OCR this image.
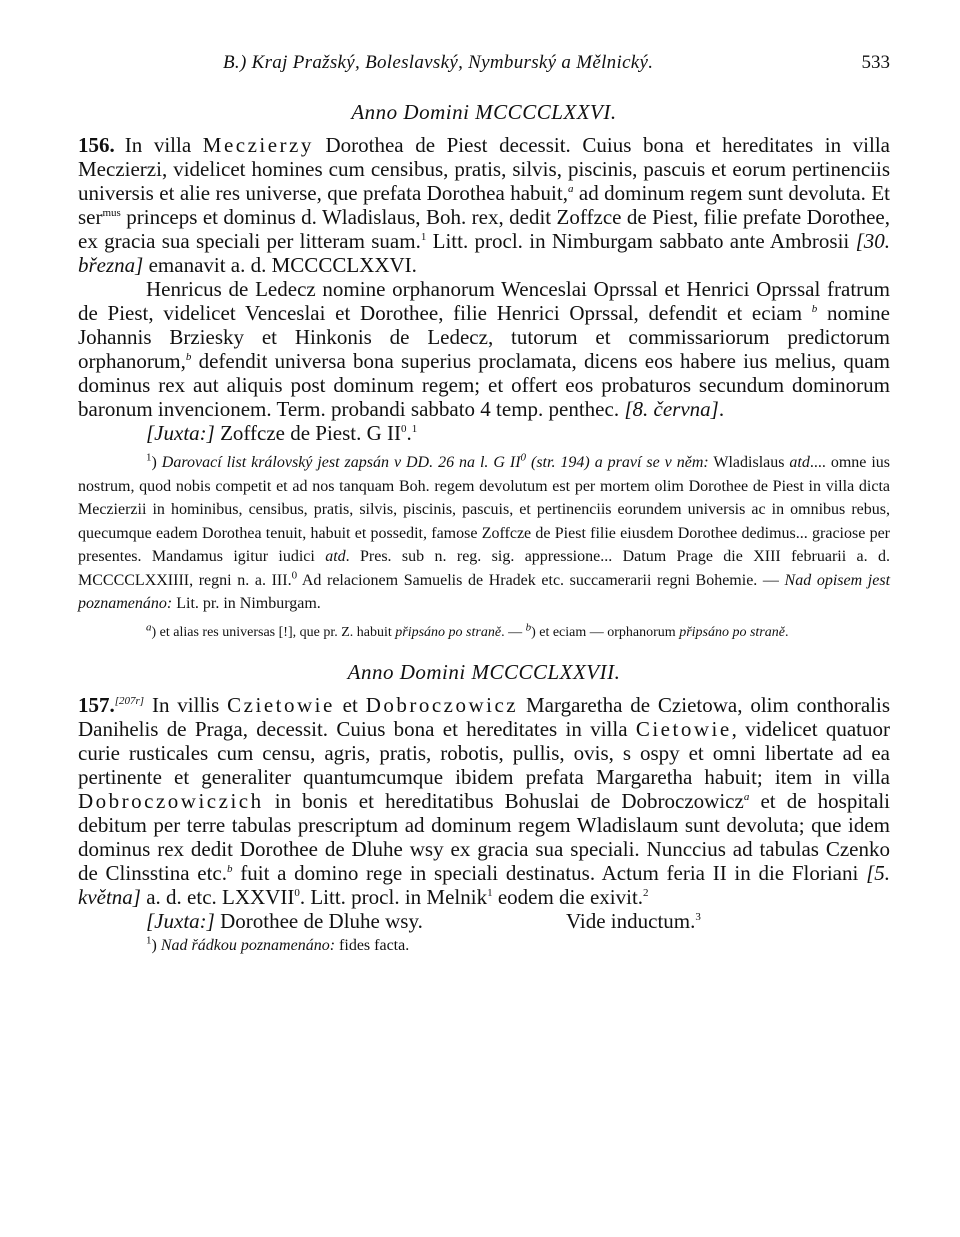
B.) Kraj Pražský, Boleslavský, Nymburský a Mělnický.	533
Anno Domini MCCCCLXXVI.

156. In villa Meczierzy Dorothea de Piest decessit. Cuius bona et hereditates in villa Meczierzi, videlicet homines cum censibus, pratis, silvis, piscinis, pascuis et eorum pertinenciis universis et alie res universe, que prefata Dorothea habuit,$^a$ ad dominum regem sunt devoluta. Et ser$^{mus}$ princeps et dominus d. Wladislaus, Boh. rex, dedit Zoffzce de Piest, filie prefate Dorothee, ex gracia sua speciali per litteram suam.$^1$ Litt. procl. in Nimburgam sabbato ante Ambrosii [30. března] emanavit a. d. MCCCCLXXVI.

Henricus de Ledecz nomine orphanorum Wenceslai Oprssal et Henrici Oprssal fratrum de Piest, videlicet Venceslai et Dorothee, filie Henrici Oprssal, defendit et eciam $^b$ nomine Johannis Brziesky et Hinkonis de Ledecz, tutorum et commissariorum predictorum orphanorum,$^b$ defendit universa bona superius proclamata, dicens eos habere ius melius, quam dominus rex aut aliquis post dominum regem; et offert eos probaturos secundum dominorum baronum invencionem. Term. probandi sabbato 4 temp. penthec. [8. června].

[Juxta:] Zoffcze de Piest. G $II^0.^1$

$^1$) Darovací list královský jest zapsán v DD. 26 na l. G $II^0$ (str. 194) a praví se v něm: Wladislaus atd.... omne ius nostrum, quod nobis competit et ad nos tanquam Boh. regem devolutum est per mortem olim Dorothee de Piest in villa dicta Meczierzii in hominibus, censibus, pratis, silvis, piscinis, pascuis, et pertinenciis eorundem universis ac in omnibus rebus, quecumque eadem Dorothea tenuit, habuit et possedit, famose Zoffcze de Piest filie eiusdem Dorothee dedimus... graciose per presentes. Mandamus igitur iudici atd. Pres. sub n. reg. sig. appressione... Datum Prage die XIII februarii a. d. MCCCCLXXIIII, regni n. a. III.$^0$ Ad relacionem Samuelis de Hradek etc. succamerarii regni Bohemie. — Nad opisem jest poznamenáno: Lit. pr. in Nimburgam.

$^a$) et alias res universas [!], que pr. Z. habuit připsáno po straně. — $^b$) et eciam — orphanorum připsáno po straně.
Anno Domini MCCCCLXXVII.

157.[207r] In villis Czietowie et Dobroczowicz Margaretha de Czietowa, olim conthoralis Danihelis de Praga, decessit. Cuius bona et hereditates in villa Cietowie, videlicet quatuor curie rusticales cum censu, agris, pratis, robotis, pullis, ovis, s ospy et omni libertate ad ea pertinente et generaliter quantumcumque ibidem prefata Margaretha habuit; item in villa Dobroczowiczich in bonis et hereditatibus Bohuslai de Dobroczowicz$^a$ et de hospitali debitum per terre tabulas prescriptum ad dominum regem Wladislaum sunt devoluta; que idem dominus rex dedit Dorothee de Dluhe wsy ex gracia sua speciali. Nunccius ad tabulas Czenko de Clinsstina etc.$^b$ fuit a domino rege in speciali destinatus. Actum feria II in die Floriani [5. května] a. d. etc. LXXVII$^0$. Litt. procl. in Melnik$^1$ eodem die exivit.$^2$

[Juxta:] Dorothee de Dluhe wsy.	Vide inductum.$^3$
$^1$) Nad řádkou poznamenáno: fides facta.
